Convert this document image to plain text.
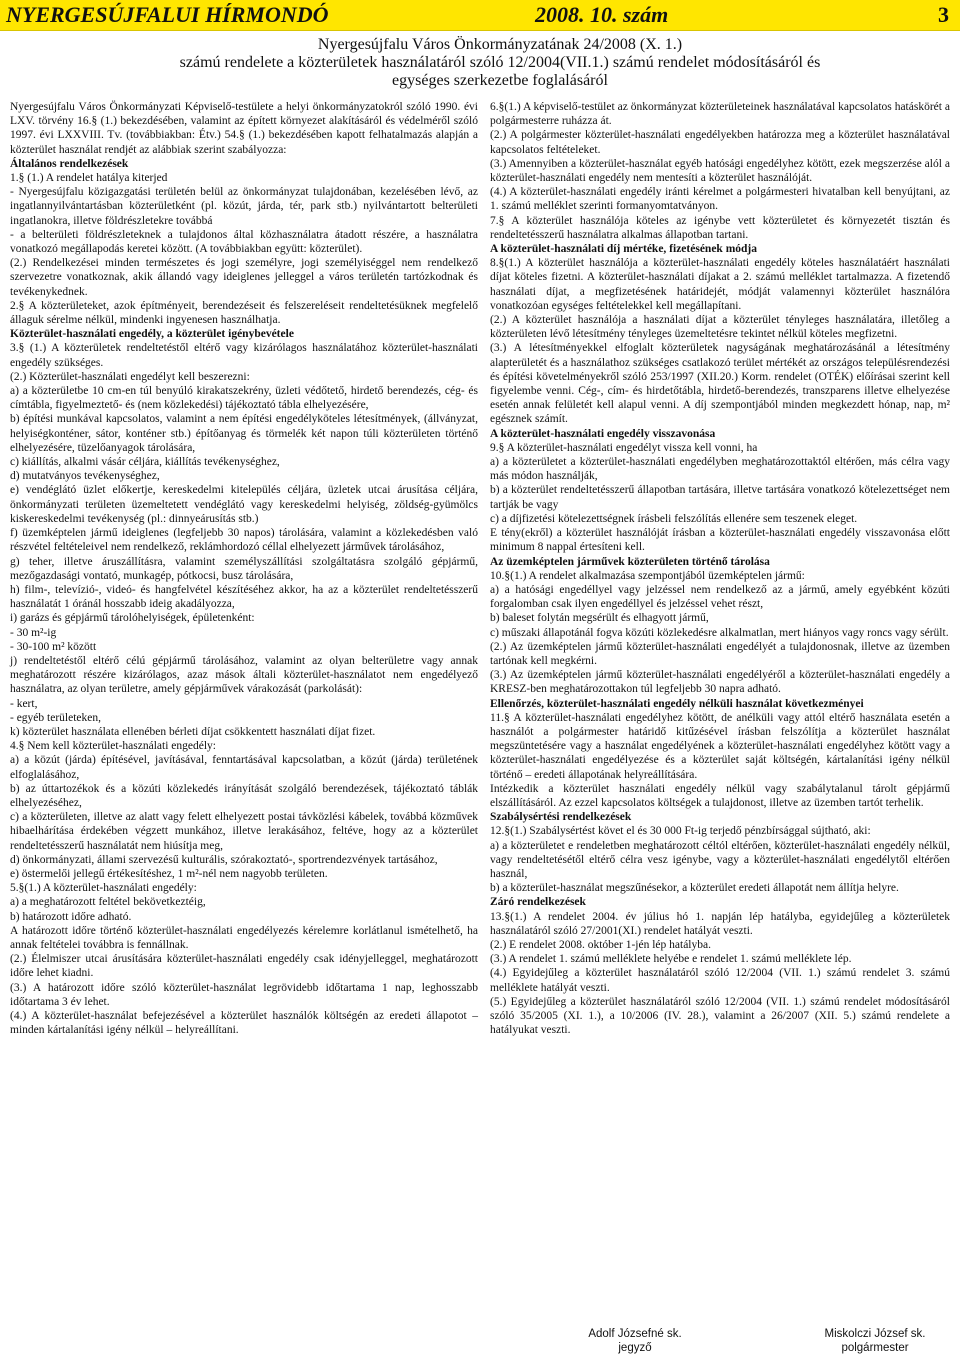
NYERGESÚJFALUI HÍRMONDÓ	2008. 10. szám	3
Nyergesújfalu Város Önkormányzatának 24/2008 (X. 1.)
számú rendelete a közterületek használatáról szóló 12/2004(VII.1.) számú rendelet módosításáról és
egységes szerkezetbe foglalásáról

Nyergesújfalu Város Önkormányzati Képviselő-testülete a helyi önkormányzatokról szóló 1990. évi LXV. törvény 16.§ (1.) bekezdésében, valamint az épített környezet alakításáról és védelméről szóló 1997. évi LXXVIII. Tv. (továbbiakban: Étv.) 54.§ (1.) bekezdésében kapott felhatalmazás alapján a közterület használat rendjét az alábbiak szerint szabályozza:

Általános rendelkezések

1.§ (1.) A rendelet hatálya kiterjed

- Nyergesújfalu közigazgatási területén belül az önkormányzat tulajdonában, kezelésében lévő, az ingatlannyilvántartásban közterületként (pl. közút, járda, tér, park stb.) nyilvántartott belterületi ingatlanokra, illetve földrészletekre továbbá

- a belterületi földrészleteknek a tulajdonos által közhasználatra átadott részére, a használatra vonatkozó megállapodás keretei között. (A továbbiakban együtt: közterület).

(2.) Rendelkezései minden természetes és jogi személyre, jogi személyiséggel nem rendelkező szervezetre vonatkoznak, akik állandó vagy ideiglenes jelleggel a város területén tartózkodnak és tevékenykednek.

2.§ A közterületeket, azok építményeit, berendezéseit és felszereléseit rendeltetésüknek megfelelő állaguk sérelme nélkül, mindenki ingyenesen használhatja.

Közterület-használati engedély, a közterület igénybevétele

3.§ (1.) A közterületek rendeltetéstől eltérő vagy kizárólagos használatához közterület-használati engedély szükséges.

(2.) Közterület-használati engedélyt kell beszerezni:

a) a közterületbe 10 cm-en túl benyúló kirakatszekrény, üzleti védőtető, hirdető berendezés, cég- és címtábla, figyelmeztető- és (nem közlekedési) tájékoztató tábla elhelyezésére,

b) építési munkával kapcsolatos, valamint a nem építési engedélyköteles létesítmények, (állványzat, helyiségkonténer, sátor, konténer stb.) építőanyag és törmelék két napon túli közterületen történő elhelyezésére, tüzelőanyagok tárolására,

c) kiállítás, alkalmi vásár céljára, kiállítás tevékenységhez,

d) mutatványos tevékenységhez,

e) vendéglátó üzlet előkertje, kereskedelmi kitelepülés céljára, üzletek utcai árusítása céljára, önkormányzati területen üzemeltetett vendéglátó vagy kereskedelmi helyiség, zöldség-gyümölcs kiskereskedelmi tevékenység (pl.: dinnyeárusítás stb.)

f) üzemképtelen jármű ideiglenes (legfeljebb 30 napos) tárolására, valamint a közlekedésben való részvétel feltételeivel nem rendelkező, reklámhordozó céllal elhelyezett járművek tárolásához,

g) teher, illetve áruszállításra, valamint személyszállítási szolgáltatásra szolgáló gépjármű, mezőgazdasági vontató, munkagép, pótkocsi, busz tárolására,

h) film-, televízió-, videó- és hangfelvétel készítéséhez akkor, ha az a közterület rendeltetésszerű használatát 1 óránál hosszabb ideig akadályozza,

i) garázs és gépjármű tárolóhelyiségek, épületenként:

- 30 m²-ig

- 30-100 m² között

j) rendeltetéstől eltérő célú gépjármű tárolásához, valamint az olyan belterületre vagy annak meghatározott részére kizárólagos, azaz mások általi közterület-használatot nem engedélyező használatra, az olyan területre, amely gépjárművek várakozását (parkolását):

- kert,

- egyéb területeken,

k) közterület használata ellenében bérleti díjat csökkentett használati díjat fizet.

4.§ Nem kell közterület-használati engedély:

a) a közút (járda) építésével, javításával, fenntartásával kapcsolatban, a közút (járda) területének elfoglalásához,

b) az úttartozékok és a közúti közlekedés irányítását szolgáló berendezések, tájékoztató táblák elhelyezéséhez,

c) a közterületen, illetve az alatt vagy felett elhelyezett postai távközlési kábelek, továbbá közművek hibaelhárítása érdekében végzett munkához, illetve lerakásához, feltéve, hogy az a közterület rendeltetésszerű használatát nem hiúsítja meg,

d) önkormányzati, állami szervezésű kulturális, szórakoztató-, sportrendezvények tartásához,

e) östermelői jellegű értékesítéshez, 1 m²-nél nem nagyobb területen.

5.§(1.) A közterület-használati engedély:

a) a meghatározott feltétel bekövetkeztéig,

b) határozott időre adható.

A határozott időre történő közterület-használati engedélyezés kérelemre korlátlanul ismételhető, ha annak feltételei továbbra is fennállnak.

(2.) Élelmiszer utcai árusítására közterület-használati engedély csak idényjelleggel, meghatározott időre lehet kiadni.

(3.) A határozott időre szóló közterület-használat legrövidebb időtartama 1 nap, leghosszabb időtartama 3 év lehet.

(4.) A közterület-használat befejezésével a közterület használók költségén az eredeti állapotot – minden kártalanítási igény nélkül – helyreállítani.

6.§(1.) A képviselő-testület az önkormányzat közterületeinek használatával kapcsolatos hatáskörét a polgármesterre ruházza át.

(2.) A polgármester közterület-használati engedélyekben határozza meg a közterület használatával kapcsolatos feltételeket.

(3.) Amennyiben a közterület-használat egyéb hatósági engedélyhez kötött, ezek megszerzése alól a közterület-használati engedély nem mentesíti a közterület használóját.

(4.) A közterület-használati engedély iránti kérelmet a polgármesteri hivatalban kell benyújtani, az 1. számú melléklet szerinti formanyomtatványon.

7.§ A közterület használója köteles az igénybe vett közterületet és környezetét tisztán és rendeltetésszerű használatra alkalmas állapotban tartani.

A közterület-használati díj mértéke, fizetésének módja

8.§(1.) A közterület használója a közterület-használati engedély köteles használatáért használati díjat köteles fizetni. A közterület-használati díjakat a 2. számú melléklet tartalmazza. A fizetendő használati díjat, a megfizetésének határidejét, módját valamennyi közterület használóra vonatkozóan egységes feltételekkel kell megállapítani.

(2.) A közterület használója a használati díjat a közterület tényleges használatára, illetőleg a közterületen lévő létesítmény tényleges üzemeltetésre tekintet nélkül köteles megfizetni.

(3.) A létesítményekkel elfoglalt közterületek nagyságának meghatározásánál a létesítmény alapterületét és a használathoz szükséges csatlakozó terület mértékét az országos településrendezési és építési követelményekről szóló 253/1997 (XII.20.) Korm. rendelet (OTÉK) előírásai szerint kell figyelembe venni. Cég-, cím- és hirdetőtábla, hirdető-berendezés, transzparens illetve elhelyezése esetén annak felületét kell alapul venni. A díj szempontjából minden megkezdett hónap, nap, m² egésznek számít.

A közterület-használati engedély visszavonása

9.§ A közterület-használati engedélyt vissza kell vonni, ha

a) a közterületet a közterület-használati engedélyben meghatározottaktól eltérően, más célra vagy más módon használják,

b) a közterület rendeltetésszerű állapotban tartására, illetve tartására vonatkozó kötelezettséget nem tartják be vagy

c) a díjfizetési kötelezettségnek írásbeli felszólítás ellenére sem teszenek eleget.

E tény(ekről) a közterület használóját írásban a közterület-használati engedély visszavonása előtt minimum 8 nappal értesíteni kell.

Az üzemképtelen járművek közterületen történő tárolása

10.§(1.) A rendelet alkalmazása szempontjából üzemképtelen jármű:

a) a hatósági engedéllyel vagy jelzéssel nem rendelkező az a jármű, amely egyébként közúti forgalomban csak ilyen engedéllyel és jelzéssel vehet részt,

b) baleset folytán megsérült és elhagyott jármű,

c) műszaki állapotánál fogva közúti közlekedésre alkalmatlan, mert hiányos vagy roncs vagy sérült.

(2.) Az üzemképtelen jármű közterület-használati engedélyét a tulajdonosnak, illetve az üzemben tartónak kell megkérni.

(3.) Az üzemképtelen jármű közterület-használati engedélyéről a közterület-használati engedély a KRESZ-ben meghatározottakon túl legfeljebb 30 napra adható.

Ellenőrzés, közterület-használati engedély nélküli használat következményei

11.§ A közterület-használati engedélyhez kötött, de anélküli vagy attól eltérő használata esetén a használót a polgármester határidő kitűzésével írásban felszólítja a közterület használat megszüntetésére vagy a használat engedélyének a közterület-használati engedélyhez kötött vagy a közterület-használati engedélyezése és a közterület saját költségén, kártalanítási igény nélkül történő – eredeti állapotának helyreállítására.

Intézkedik a közterület használati engedély nélkül vagy szabálytalanul tárolt gépjármű elszállításáról. Az ezzel kapcsolatos költségek a tulajdonost, illetve az üzemben tartót terhelik.

Szabálysértési rendelkezések

12.§(1.) Szabálysértést követ el és 30 000 Ft-ig terjedő pénzbírsággal sújtható, aki:

a) a közterületet e rendeletben meghatározott céltól eltérően, közterület-használati engedély nélkül, vagy rendeltetésétől eltérő célra vesz igénybe, vagy a közterület-használati engedélytől eltérően használ,

b) a közterület-használat megszűnésekor, a közterület eredeti állapotát nem állítja helyre.

Záró rendelkezések

13.§(1.) A rendelet 2004. év július hó 1. napján lép hatályba, egyidejűleg a közterületek használatáról szóló 27/2001(XI.) rendelet hatályát veszti.

(2.) E rendelet 2008. október 1-jén lép hatályba.

(3.) A rendelet 1. számú melléklete helyébe e rendelet 1. számú melléklete lép.

(4.) Egyidejűleg a közterület használatáról szóló 12/2004 (VII. 1.) számú rendelet 3. számú melléklete hatályát veszti.

(5.) Egyidejűleg a közterület használatáról szóló 12/2004 (VII. 1.) számú rendelet módosításáról szóló 35/2005 (XI. 1.), a 10/2006 (IV. 28.), valamint a 26/2007 (XII. 5.) számú rendelete a hatályukat veszti.

Adolf Józsefné sk.
jegyző
Miskolczi József sk.
polgármester
